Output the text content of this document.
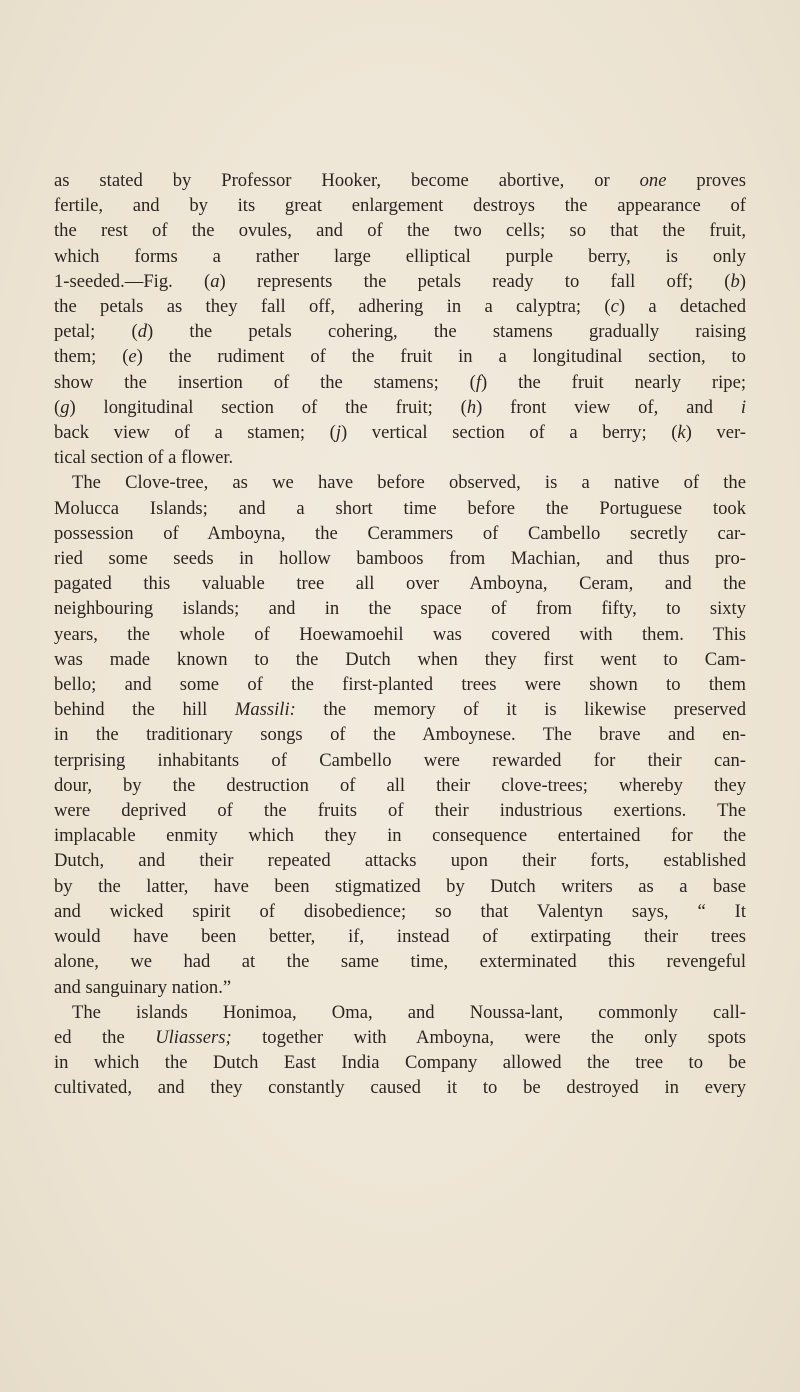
as stated by Professor Hooker, become abortive, or one proves
fertile, and by its great enlargement destroys the appearance of
the rest of the ovules, and of the two cells; so that the fruit,
which forms a rather large elliptical purple berry, is only
1-seeded.—Fig. (a) represents the petals ready to fall off; (b)
the petals as they fall off, adhering in a calyptra; (c) a detached
petal; (d) the petals cohering, the stamens gradually raising
them; (e) the rudiment of the fruit in a longitudinal section, to
show the insertion of the stamens; (f) the fruit nearly ripe;
(g) longitudinal section of the fruit; (h) front view of, and i
back view of a stamen; (j) vertical section of a berry; (k) ver-
tical section of a flower.

The Clove-tree, as we have before observed, is a native of the
Molucca Islands; and a short time before the Portuguese took
possession of Amboyna, the Cerammers of Cambello secretly car-
ried some seeds in hollow bamboos from Machian, and thus pro-
pagated this valuable tree all over Amboyna, Ceram, and the
neighbouring islands; and in the space of from fifty, to sixty
years, the whole of Hoewamoehil was covered with them. This
was made known to the Dutch when they first went to Cam-
bello; and some of the first-planted trees were shown to them
behind the hill Massili: the memory of it is likewise preserved
in the traditionary songs of the Amboynese. The brave and en-
terprising inhabitants of Cambello were rewarded for their can-
dour, by the destruction of all their clove-trees; whereby they
were deprived of the fruits of their industrious exertions. The
implacable enmity which they in consequence entertained for the
Dutch, and their repeated attacks upon their forts, established
by the latter, have been stigmatized by Dutch writers as a base
and wicked spirit of disobedience; so that Valentyn says, “ It
would have been better, if, instead of extirpating their trees
alone, we had at the same time, exterminated this revengeful
and sanguinary nation.”

The islands Honimoa, Oma, and Noussa-lant, commonly call-
ed the Uliassers; together with Amboyna, were the only spots
in which the Dutch East India Company allowed the tree to be
cultivated, and they constantly caused it to be destroyed in every
